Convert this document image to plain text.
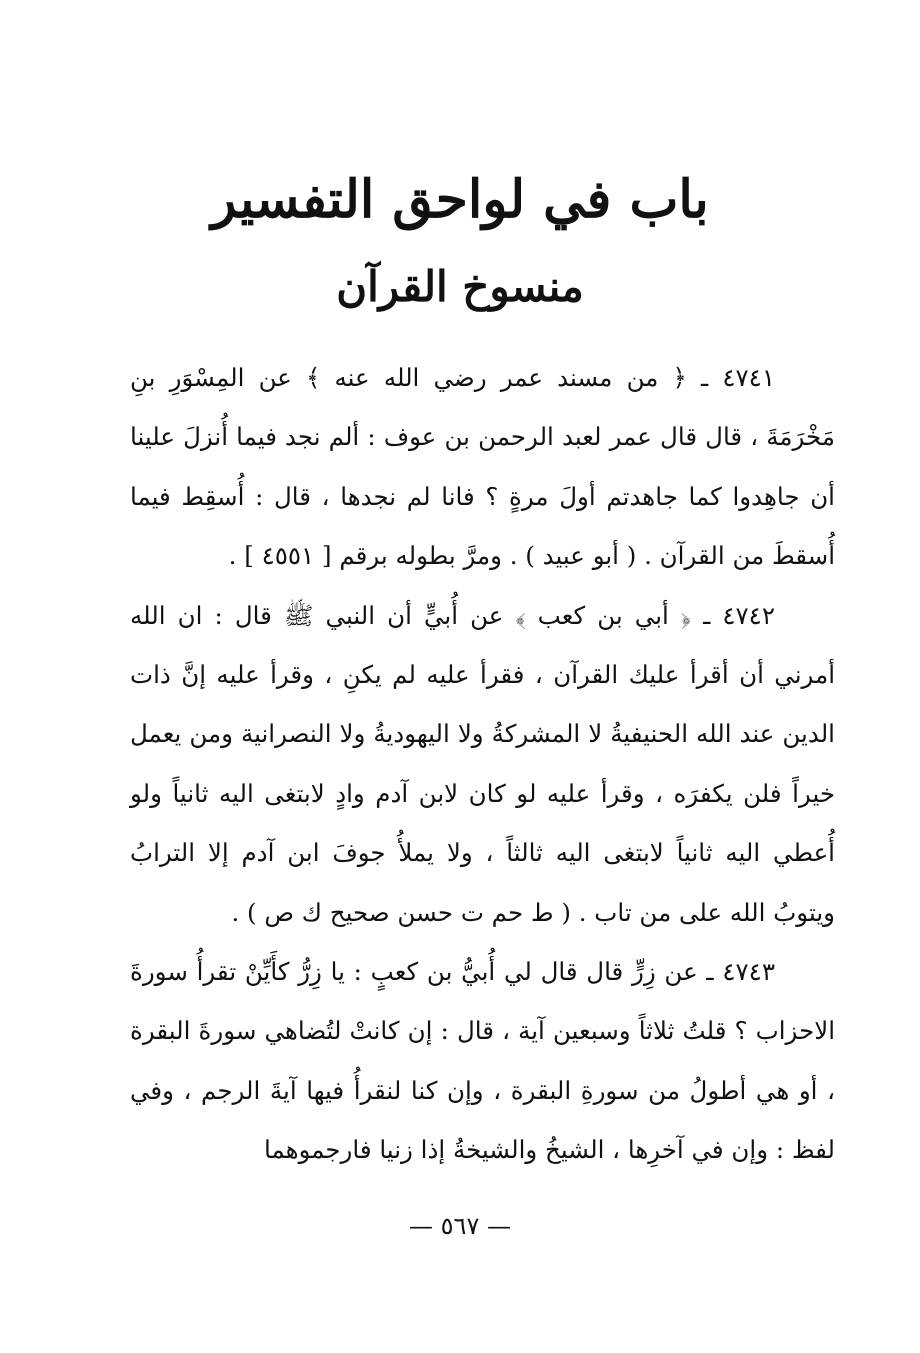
باب في لواحق التفسير
منسوخ القرآن

٤٧٤١ ـ ﴿ من مسند عمر رضي الله عنه ﴾ عن المِسْوَرِ بنِ مَخْرَمَةَ ، قال قال عمر لعبد الرحمن بن عوف : ألم نجد فيما أُنزلَ علينا أن جاهِدوا كما جاهدتم أولَ مرةٍ ؟ فانا لم نجدها ، قال : أُسقِط فيما أُسقطَ من القرآن . ( أبو عبيد ) . ومرَّ بطوله برقم [ ٤٥٥١ ] .

٤٧٤٢ ـ ﴿ أبي بن كعب ﴾ عن أُبيٍّ أن النبي ﷺ قال : ان الله أمرني أن أقرأ عليك القرآن ، فقرأ عليه لم يكنِ ، وقرأ عليه إنَّ ذات الدين عند الله الحنيفيةُ لا المشركةُ ولا اليهوديةُ ولا النصرانية ومن يعمل خيراً فلن يكفرَه ، وقرأ عليه لو كان لابن آدم وادٍ لابتغى اليه ثانياً ولو أُعطي اليه ثانياً لابتغى اليه ثالثاً ، ولا يملأُ جوفَ ابن آدم إلا الترابُ ويتوبُ الله على من تاب . ( ط حم ت حسن صحيح ك ص ) .

٤٧٤٣ ـ عن زِرٍّ قال قال لي أُبيُّ بن كعبٍ : يا زِرُّ كأَيِّنْ تقرأُ سورةَ الاحزاب ؟ قلتُ ثلاثاً وسبعين آية ، قال : إن كانتْ لتُضاهي سورةَ البقرة ، أو هي أطولُ من سورةِ البقرة ، وإن كنا لنقرأُ فيها آيةَ الرجم ، وفي لفظ : وإن في آخرِها ، الشيخُ والشيخةُ إذا زنيا فارجموهما

— ٥٦٧ —
